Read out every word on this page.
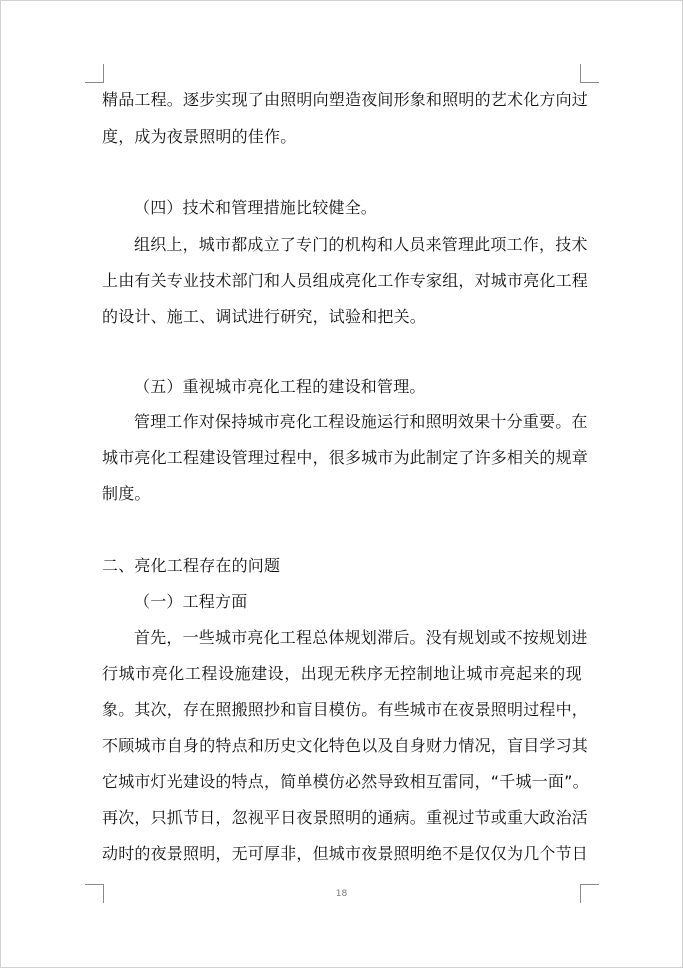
精品工程。逐步实现了由照明向塑造夜间形象和照明的艺术化方向过
度，成为夜景照明的佳作。
（四）技术和管理措施比较健全。
组织上，城市都成立了专门的机构和人员来管理此项工作，技术
上由有关专业技术部门和人员组成亮化工作专家组，对城市亮化工程
的设计、施工、调试进行研究，试验和把关。
（五）重视城市亮化工程的建设和管理。
管理工作对保持城市亮化工程设施运行和照明效果十分重要。在
城市亮化工程建设管理过程中，很多城市为此制定了许多相关的规章
制度。
二、亮化工程存在的问题
（一）工程方面
首先，一些城市亮化工程总体规划滞后。没有规划或不按规划进
行城市亮化工程设施建设，出现无秩序无控制地让城市亮起来的现
象。其次，存在照搬照抄和盲目模仿。有些城市在夜景照明过程中，
不顾城市自身的特点和历史文化特色以及自身财力情况，盲目学习其
它城市灯光建设的特点，简单模仿必然导致相互雷同，“千城一面”。
再次，只抓节日，忽视平日夜景照明的通病。重视过节或重大政治活
动时的夜景照明，无可厚非，但城市夜景照明绝不是仅仅为几个节日
18
